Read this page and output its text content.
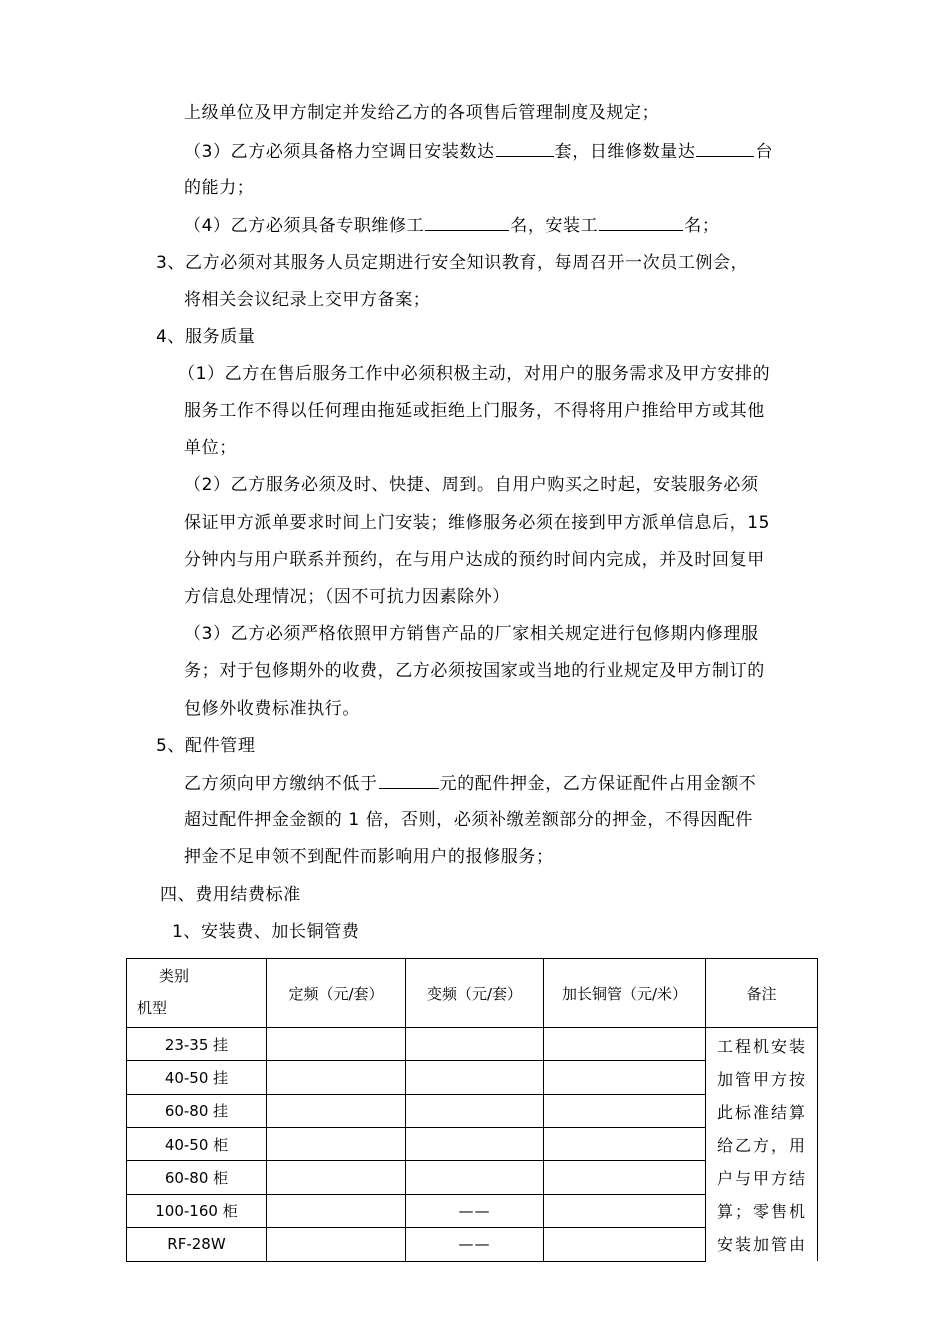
上级单位及甲方制定并发给乙方的各项售后管理制度及规定；
（3）乙方必须具备格力空调日安装数达	套，日维修数量达	台
的能力；
（4）乙方必须具备专职维修工	名，安装工	名；
3、乙方必须对其服务人员定期进行安全知识教育，每周召开一次员工例会，
将相关会议纪录上交甲方备案；
4、服务质量
（1）乙方在售后服务工作中必须积极主动，对用户的服务需求及甲方安排的
服务工作不得以任何理由拖延或拒绝上门服务，不得将用户推给甲方或其他
单位；
（2）乙方服务必须及时、快捷、周到。自用户购买之时起，安装服务必须
保证甲方派单要求时间上门安装；维修服务必须在接到甲方派单信息后，15
分钟内与用户联系并预约，在与用户达成的预约时间内完成，并及时回复甲
方信息处理情况；（因不可抗力因素除外）
（3）乙方必须严格依照甲方销售产品的厂家相关规定进行包修期内修理服
务；对于包修期外的收费，乙方必须按国家或当地的行业规定及甲方制订的
包修外收费标准执行。
5、配件管理
乙方须向甲方缴纳不低于	元的配件押金，乙方保证配件占用金额不
超过配件押金金额的 1 倍，否则，必须补缴差额部分的押金，不得因配件
押金不足申领不到配件而影响用户的报修服务；
四、费用结费标准
1、安装费、加长铜管费
类别
机型	定频（元/套）	变频（元/套）	加长铜管（元/米）	备注
23-35 挂				工程机安装加管甲方按此标准结算给乙方，用户与甲方结算；零售机安装加管由
40-50 挂				
60-80 挂				
40-50 柜				
60-80 柜				
100-160 柜		——		
RF-28W		——		
